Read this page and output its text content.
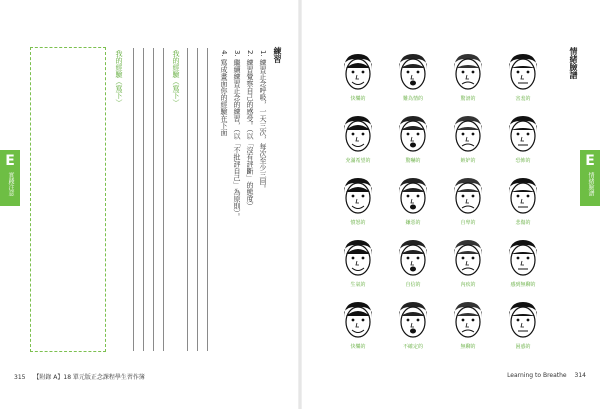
E
實踐注意
我的經驗（寫下）	我的經驗（寫下）	練習
1. 練習正念呼吸，一天三次，每次至少三回。
2. 練習覺察自己的感受。（以「沒有評斷」的態度）
3. 繼續練習正念的練習，（以「不批評自己」為原則）。
4. 寫成畫面你的經驗在下面
315 【附錄 A】18 單元版正念課程學生習作簿
情緒臉譜
E
情緒臉譜
快樂的	難為情的	驚訝的	害羞的
充滿希望的	驚嚇的	嫉妒的	恐怖的
憤怒的	嫌惡的	自卑的	悲傷的
生氣的	自信的	內疚的	感到無聊的
快樂的	不確定的	無聊的	困惑的
Learning to Breathe 314
